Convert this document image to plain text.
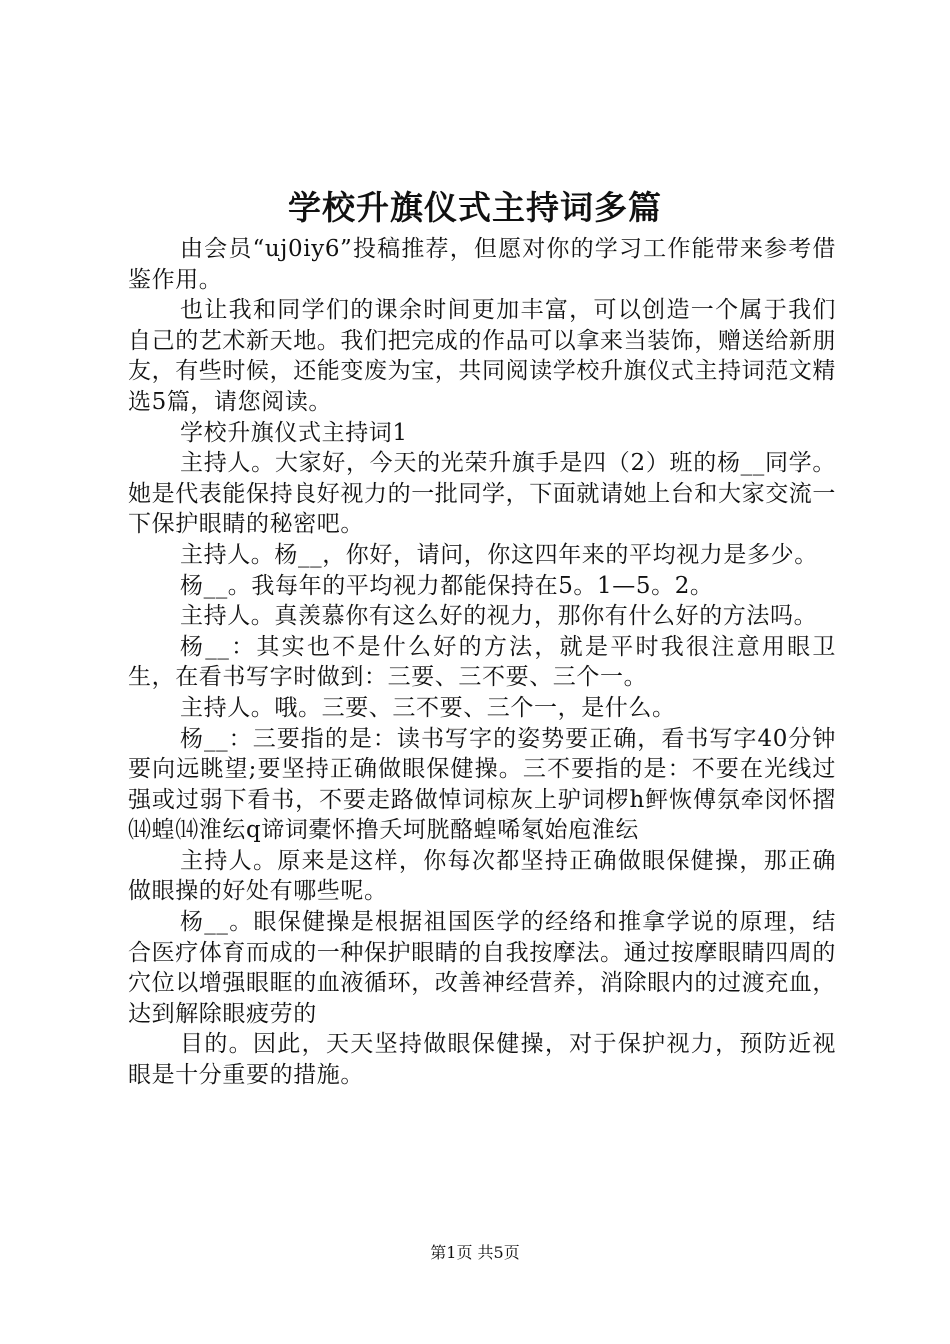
学校升旗仪式主持词多篇

由会员“uj0iy6”投稿推荐，但愿对你的学习工作能带来参考借鉴作用。

也让我和同学们的课余时间更加丰富，可以创造一个属于我们自己的艺术新天地。我们把完成的作品可以拿来当装饰，赠送给新朋友，有些时候，还能变废为宝，共同阅读学校升旗仪式主持词范文精选5篇，请您阅读。

学校升旗仪式主持词1

主持人。大家好，今天的光荣升旗手是四（2）班的杨__同学。她是代表能保持良好视力的一批同学，下面就请她上台和大家交流一下保护眼睛的秘密吧。

主持人。杨__，你好，请问，你这四年来的平均视力是多少。

杨__。我每年的平均视力都能保持在5。1—5。2。

主持人。真羡慕你有这么好的视力，那你有什么好的方法吗。

杨__：其实也不是什么好的方法，就是平时我很注意用眼卫生，在看书写字时做到：三要、三不要、三个一。

主持人。哦。三要、三不要、三个一，是什么。

杨__：三要指的是：读书写字的姿势要正确，看书写字40分钟要向远眺望;要坚持正确做眼保健操。三不要指的是：不要在光线过强或过弱下看书，不要走路做悼词椋灰上驴词椤h鲆恢傅氛牵闵怀摺⒁蝗⒁淮纭q谛词橐怀撸夭坷胱酪蝗唏氡始庖淮纭

主持人。原来是这样，你每次都坚持正确做眼保健操，那正确做眼操的好处有哪些呢。

杨__。眼保健操是根据祖国医学的经络和推拿学说的原理，结合医疗体育而成的一种保护眼睛的自我按摩法。通过按摩眼睛四周的穴位以增强眼眶的血液循环，改善神经营养，消除眼内的过渡充血，达到解除眼疲劳的

目的。因此，天天坚持做眼保健操，对于保护视力，预防近视眼是十分重要的措施。

第1页 共5页
